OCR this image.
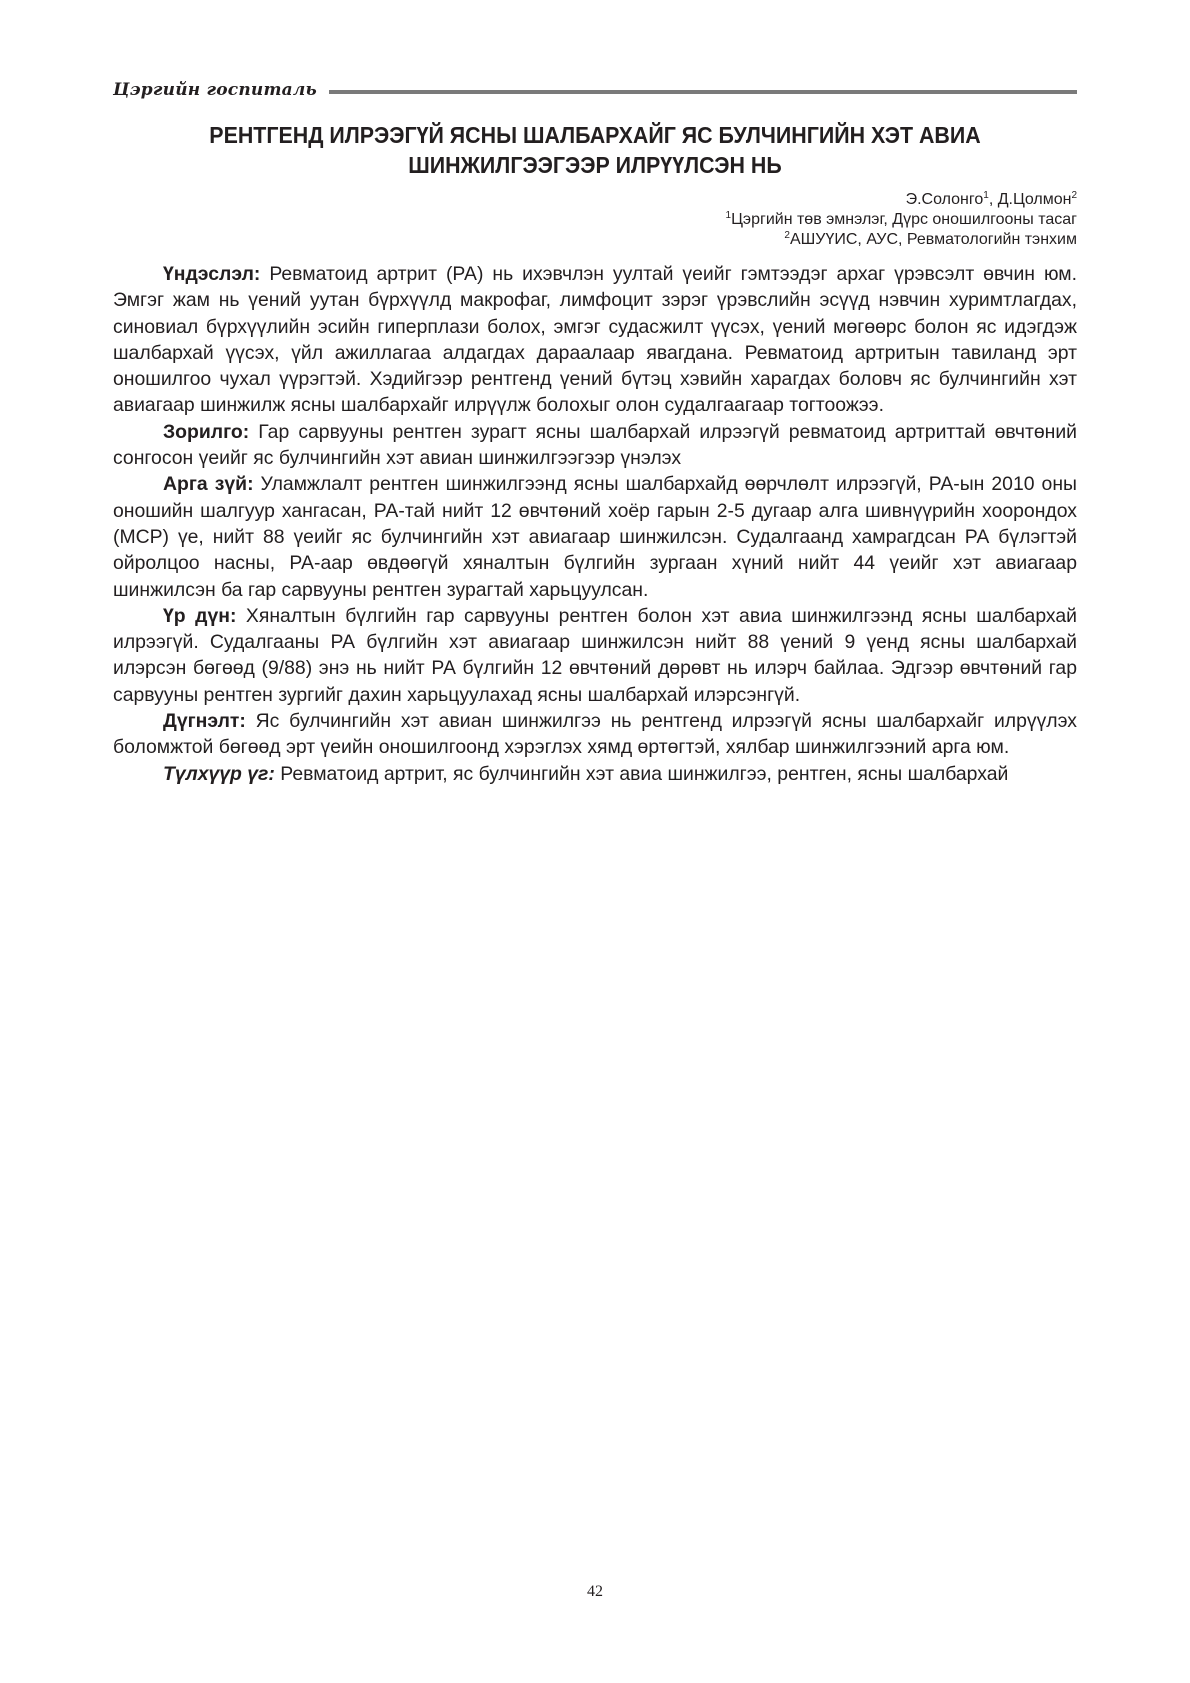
Цэргийн госпиталь
РЕНТГЕНД ИЛРЭЭГҮЙ ЯСНЫ ШАЛБАРХАЙГ ЯС БУЛЧИНГИЙН ХЭТ АВИА
ШИНЖИЛГЭЭГЭЭР ИЛРҮҮЛСЭН НЬ
Э.Солонго$^1$, Д.Цолмон$^2$
$^1$Цэргийн төв эмнэлэг, Дүрс оношилгооны тасаг
$^2$АШУҮИС, АУС, Ревматологийн тэнхим

Үндэслэл: Ревматоид артрит (РА) нь ихэвчлэн уултай үеийг гэмтээдэг архаг үрэвсэлт өвчин юм. Эмгэг жам нь үений уутан бүрхүүлд макрофаг, лимфоцит зэрэг үрэвслийн эсүүд нэвчин хуримтлагдах, синовиал бүрхүүлийн эсийн гиперплази болох, эмгэг судасжилт үүсэх, үений мөгөөрс болон яс идэгдэж шалбархай үүсэх, үйл ажиллагаа алдагдах дараалаар явагдана. Ревматоид артритын тавиланд эрт оношилгоо чухал үүрэгтэй. Хэдийгээр рентгенд үений бүтэц хэвийн харагдах боловч яс булчингийн хэт авиагаар шинжилж ясны шалбархайг илрүүлж болохыг олон судалгаагаар тогтоожээ.

Зорилго: Гар сарвууны рентген зурагт ясны шалбархай илрээгүй ревматоид артриттай өвчтөний сонгосон үеийг яс булчингийн хэт авиан шинжилгээгээр үнэлэх

Арга зүй: Уламжлалт рентген шинжилгээнд ясны шалбархайд өөрчлөлт илрээгүй, РА-ын 2010 оны оношийн шалгуур хангасан, РА-тай нийт 12 өвчтөний хоёр гарын 2-5 дугаар алга шивнүүрийн хоорондох (МСР) үе, нийт 88 үеийг яс булчингийн хэт авиагаар шинжилсэн. Судалгаанд хамрагдсан РА бүлэгтэй ойролцоо насны, РА-аар өвдөөгүй хяналтын бүлгийн зургаан хүний нийт 44 үеийг хэт авиагаар шинжилсэн ба гар сарвууны рентген зурагтай харьцуулсан.

Үр дүн: Хяналтын бүлгийн гар сарвууны рентген болон хэт авиа шинжилгээнд ясны шалбархай илрээгүй. Судалгааны РА бүлгийн хэт авиагаар шинжилсэн нийт 88 үений 9 үенд ясны шалбархай илэрсэн бөгөөд (9/88) энэ нь нийт РА бүлгийн 12 өвчтөний дөрөвт нь илэрч байлаа. Эдгээр өвчтөний гар сарвууны рентген зургийг дахин харьцуулахад ясны шалбархай илэрсэнгүй.

Дүгнэлт: Яс булчингийн хэт авиан шинжилгээ нь рентгенд илрээгүй ясны шалбархайг илрүүлэх боломжтой бөгөөд эрт үеийн оношилгоонд хэрэглэх хямд өртөгтэй, хялбар шинжилгээний арга юм.

Түлхүүр үг: Ревматоид артрит, яс булчингийн хэт авиа шинжилгээ, рентген, ясны шалбархай

42
